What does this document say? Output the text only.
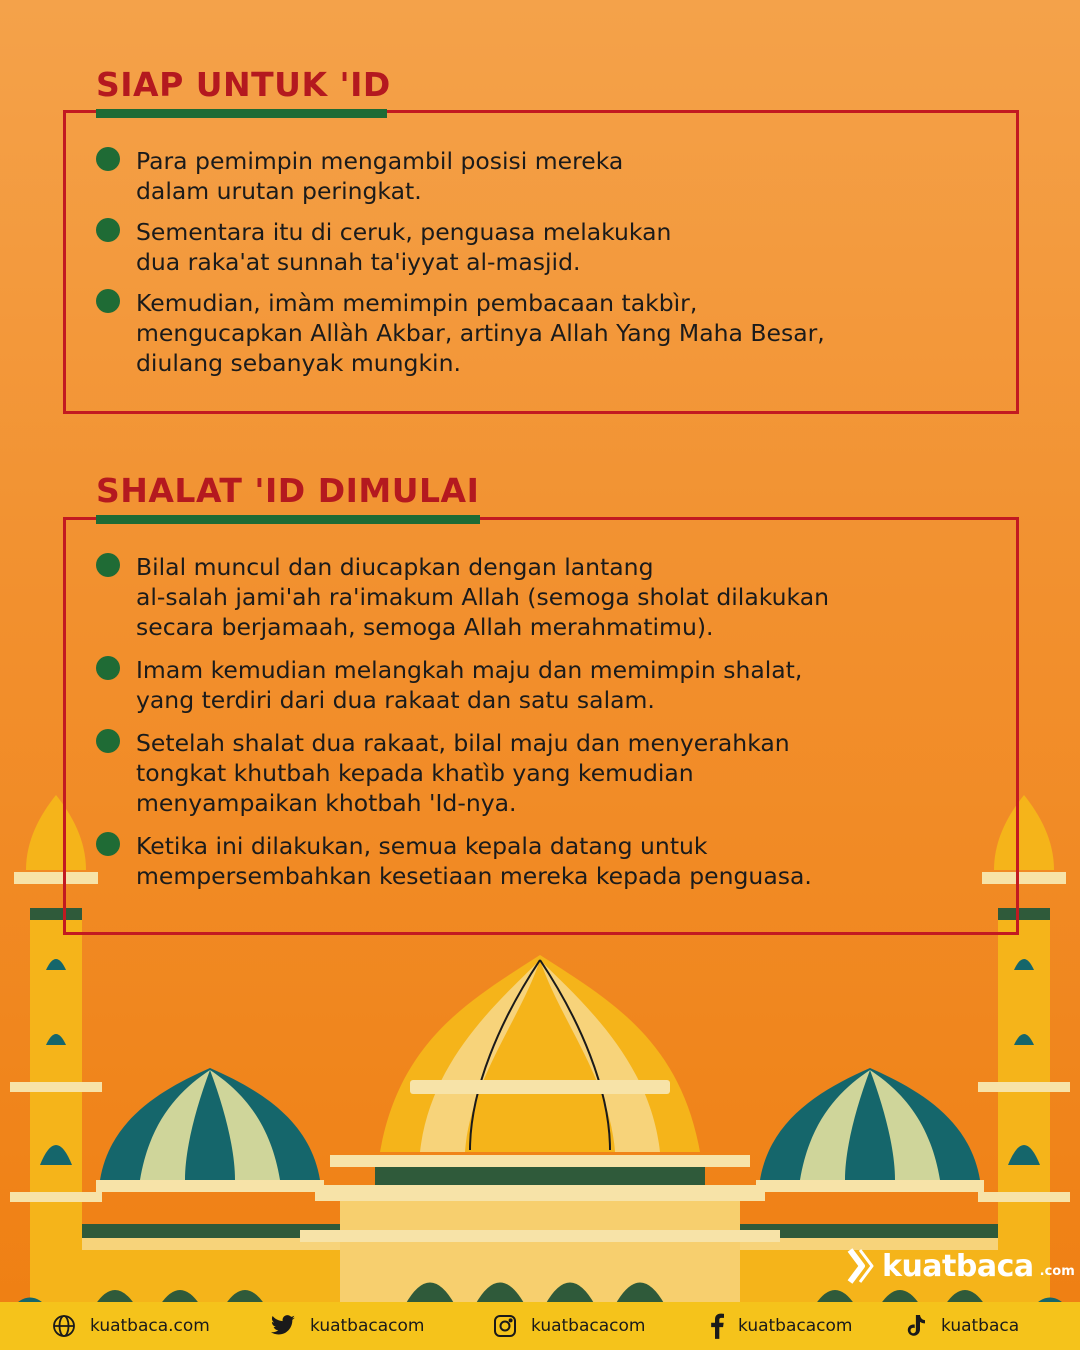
SIAP UNTUK 'ID
Para pemimpin mengambil posisi mereka
dalam urutan peringkat.
Sementara itu di ceruk, penguasa melakukan
dua raka'at sunnah ta'iyyat al-masjid.
Kemudian, imàm memimpin pembacaan takbìr,
mengucapkan Allàh Akbar, artinya Allah Yang Maha Besar,
diulang sebanyak mungkin.
SHALAT 'ID DIMULAI
Bilal muncul dan diucapkan dengan lantang
al-salah jami'ah ra'imakum Allah (semoga sholat dilakukan
secara berjamaah, semoga Allah merahmatimu).
Imam kemudian melangkah maju dan memimpin shalat,
yang terdiri dari dua rakaat dan satu salam.
Setelah shalat dua rakaat, bilal maju dan menyerahkan
tongkat khutbah kepada khatìb yang kemudian
menyampaikan khotbah 'Id-nya.
Ketika ini dilakukan, semua kepala datang untuk
mempersembahkan kesetiaan mereka kepada penguasa.
kuatbaca .com
kuatbaca.com	kuatbacacom	kuatbacacom	kuatbacacom	kuatbaca
